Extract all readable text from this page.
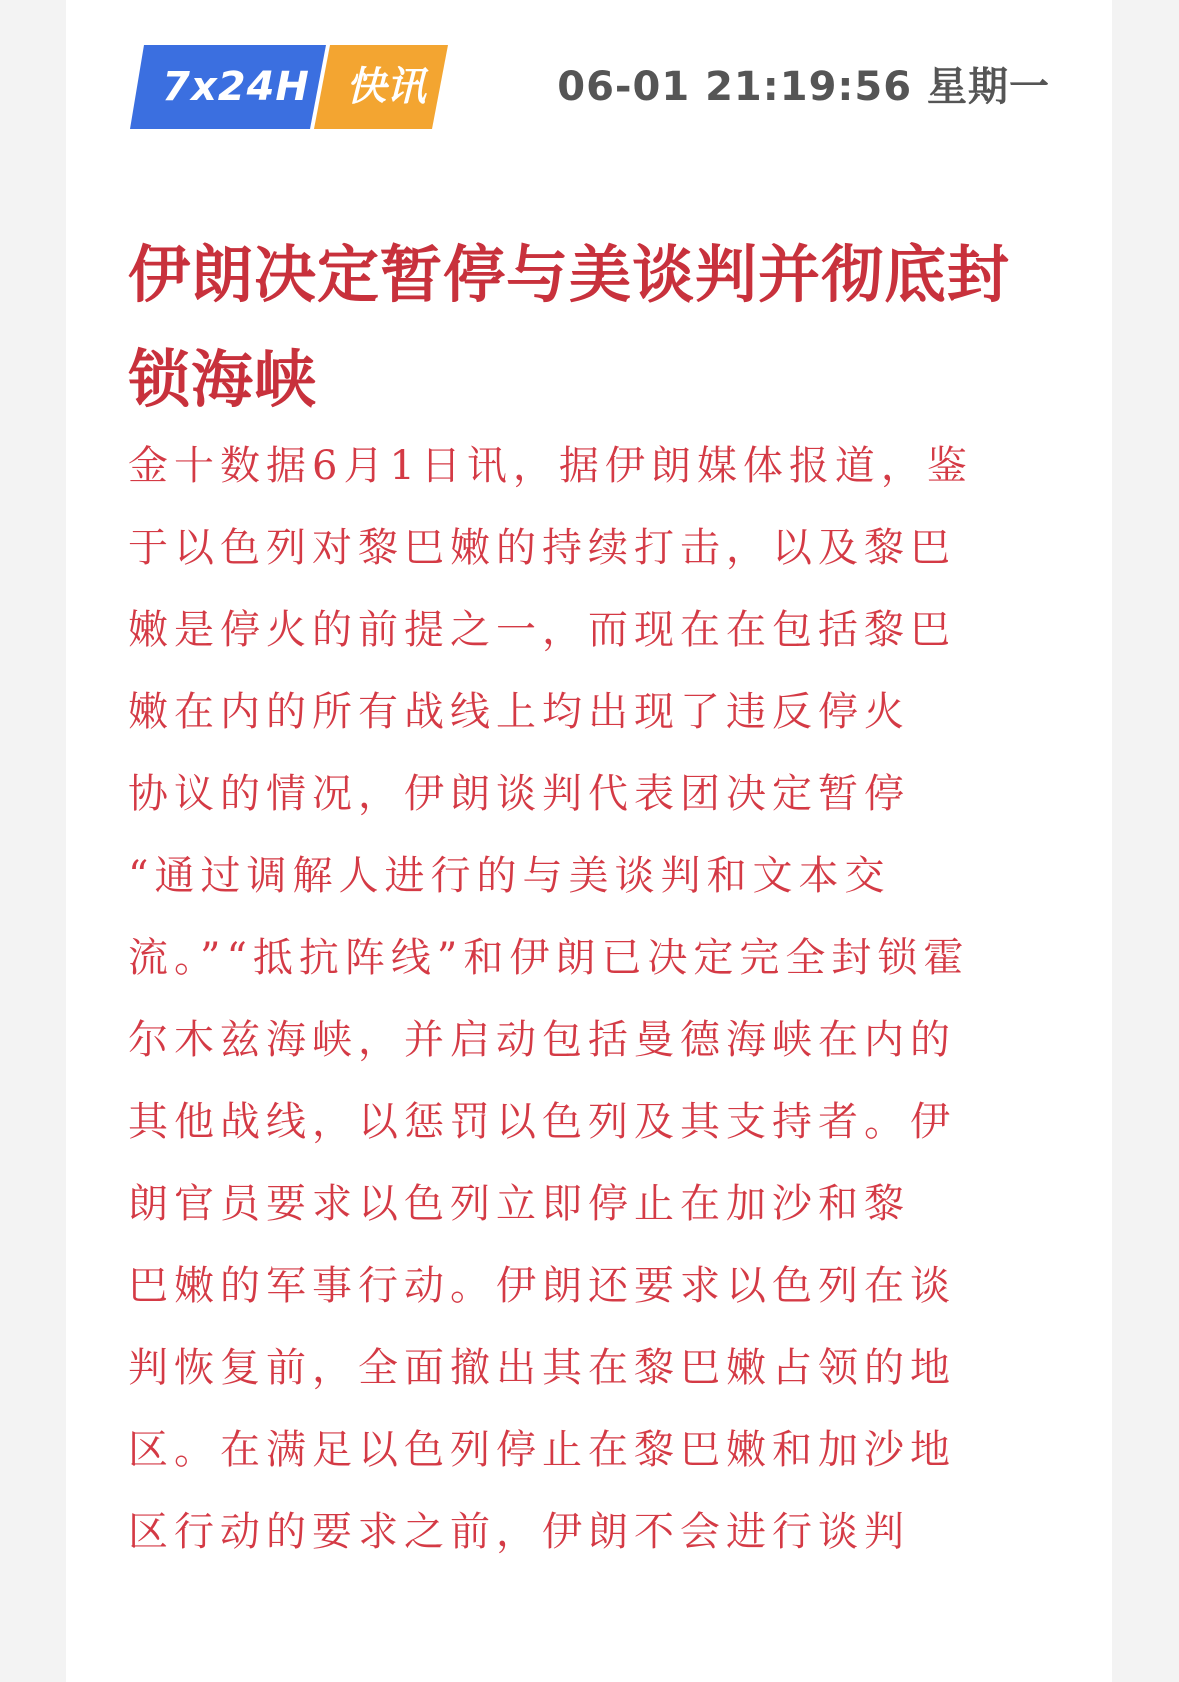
7x24H 快讯	06-01 21:19:56 星期一
伊朗决定暂停与美谈判并彻底封锁海峡
金十数据6月1日讯，据伊朗媒体报道，鉴
于以色列对黎巴嫩的持续打击，以及黎巴
嫩是停火的前提之一，而现在在包括黎巴
嫩在内的所有战线上均出现了违反停火
协议的情况，伊朗谈判代表团决定暂停
“通过调解人进行的与美谈判和文本交
流。”“抵抗阵线”和伊朗已决定完全封锁霍
尔木兹海峡，并启动包括曼德海峡在内的
其他战线，以惩罚以色列及其支持者。伊
朗官员要求以色列立即停止在加沙和黎
巴嫩的军事行动。伊朗还要求以色列在谈
判恢复前，全面撤出其在黎巴嫩占领的地
区。在满足以色列停止在黎巴嫩和加沙地
区行动的要求之前，伊朗不会进行谈判
